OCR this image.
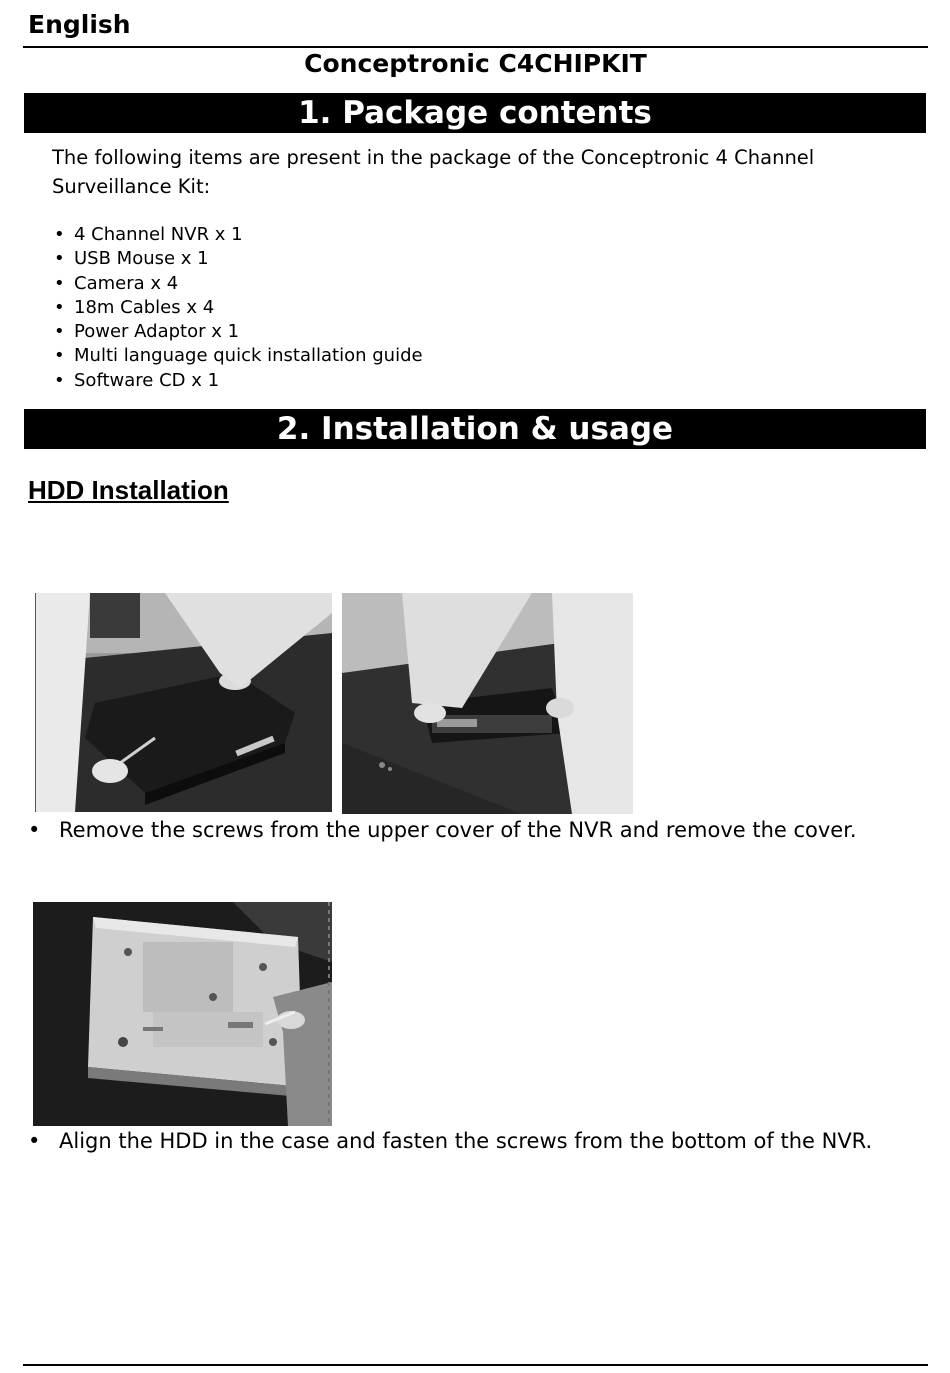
English
Conceptronic C4CHIPKIT
1. Package contents
The following items are present in the package of the Conceptronic 4 Channel Surveillance Kit:
• 4 Channel NVR x 1
• USB Mouse x 1
• Camera x 4
• 18m Cables x 4
• Power Adaptor x 1
• Multi language quick installation guide
• Software CD x 1
2. Installation & usage
HDD Installation
• Remove the screws from the upper cover of the NVR and remove the cover.
• Align the HDD in the case and fasten the screws from the bottom of the NVR.
